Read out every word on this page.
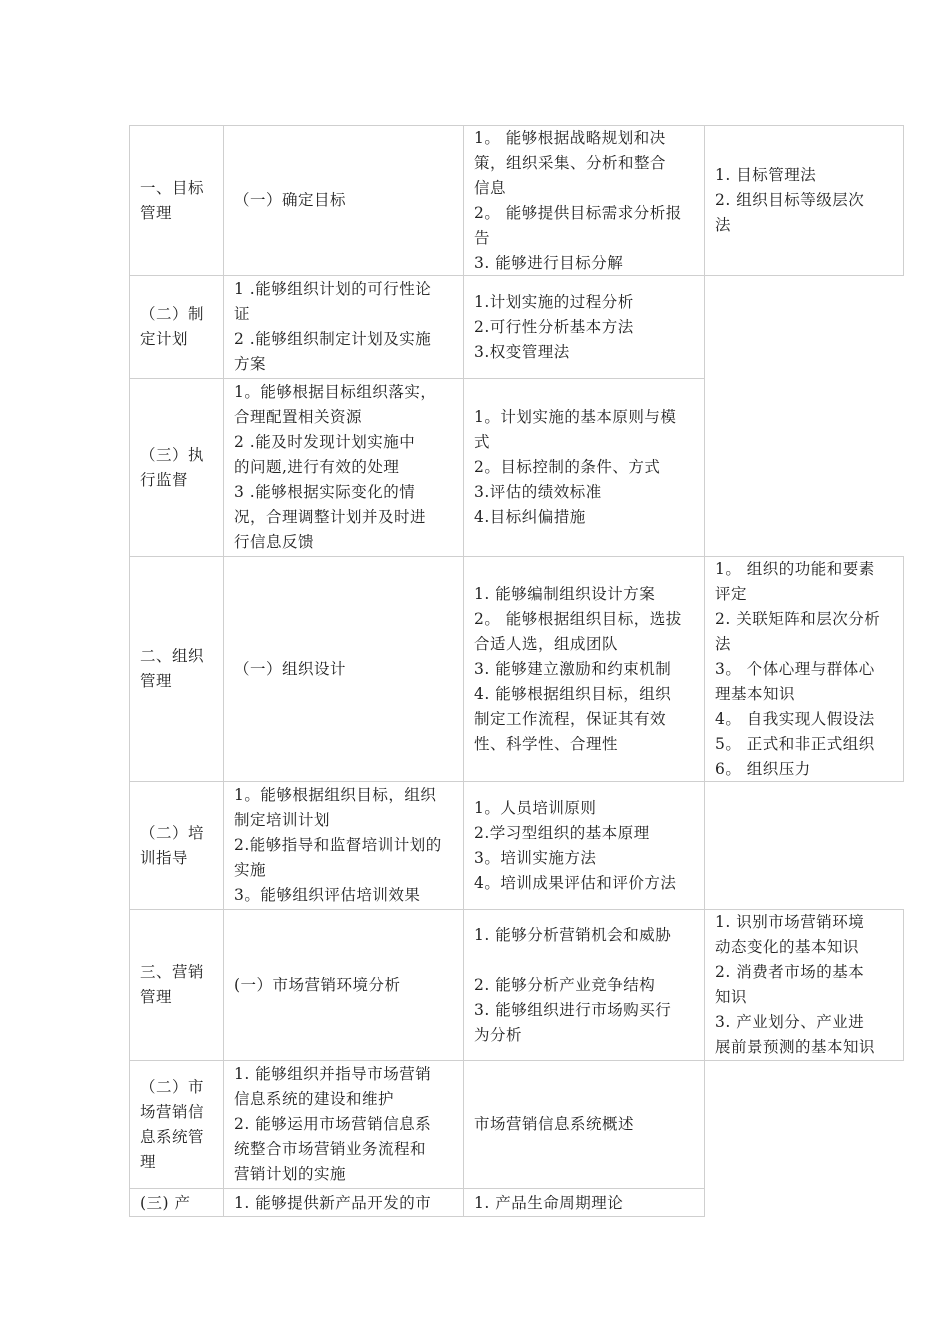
一、目标
管理
（一）确定目标
1。 能够根据战略规划和决
策，组织采集、分析和整合
信息
2。 能够提供目标需求分析报
告
3. 能够进行目标分解
1. 目标管理法
2. 组织目标等级层次
法
（二）制
定计划
1 .能够组织计划的可行性论
证
2 .能够组织制定计划及实施
方案
1.计划实施的过程分析
2.可行性分析基本方法
3.权变管理法
（三）执
行监督
1。能够根据目标组织落实，
合理配置相关资源
2 .能及时发现计划实施中
的问题,进行有效的处理
3 .能够根据实际变化的情
况，合理调整计划并及时进
行信息反馈
1。计划实施的基本原则与模
式
2。目标控制的条件、方式
3.评估的绩效标准
4.目标纠偏措施
二、组织
管理
（一）组织设计
1. 能够编制组织设计方案
2。 能够根据组织目标，选拔
合适人选，组成团队
3. 能够建立激励和约束机制
4. 能够根据组织目标，组织
制定工作流程，保证其有效
性、科学性、合理性
1。 组织的功能和要素
评定
2. 关联矩阵和层次分析
法
3。 个体心理与群体心
理基本知识
4。 自我实现人假设法
5。 正式和非正式组织
6。 组织压力
（二）培
训指导
1。能够根据组织目标，组织
制定培训计划
2.能够指导和监督培训计划的
实施
3。能够组织评估培训效果
1。人员培训原则
2.学习型组织的基本原理
3。培训实施方法
4。培训成果评估和评价方法
三、营销
管理
(一）市场营销环境分析
1. 能够分析营销机会和威胁
2. 能够分析产业竞争结构
3. 能够组织进行市场购买行
为分析
1. 识别市场营销环境
动态变化的基本知识
2. 消费者市场的基本
知识
3. 产业划分、产业进
展前景预测的基本知识
（二）市
场营销信
息系统管
理
1. 能够组织并指导市场营销
信息系统的建设和维护
2. 能够运用市场营销信息系
统整合市场营销业务流程和
营销计划的实施
市场营销信息系统概述
(三) 产	1. 能够提供新产品开发的市	1. 产品生命周期理论
